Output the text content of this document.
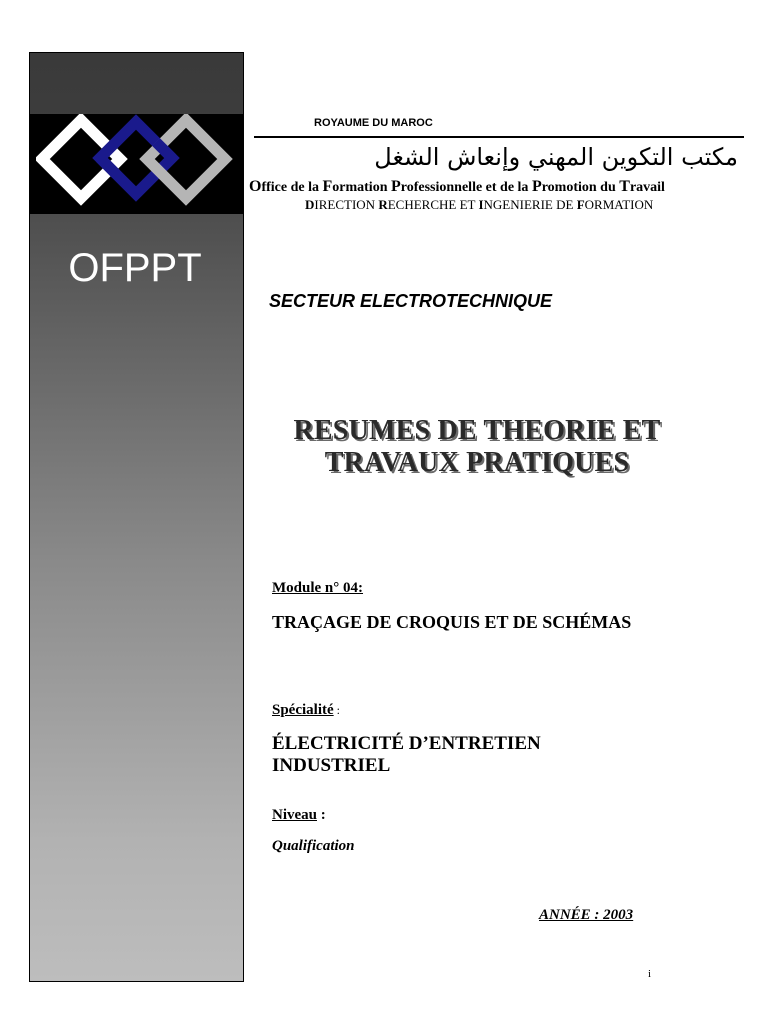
OFPPT
ROYAUME DU MAROC
مكتب التكوين المهني وإنعاش الشغل
Office de la Formation Professionnelle et de la Promotion du Travail
DIRECTION RECHERCHE ET INGENIERIE DE FORMATION
SECTEUR ELECTROTECHNIQUE
RESUMES DE THEORIE ET
TRAVAUX PRATIQUES
Module n° 04:
TRAÇAGE DE CROQUIS ET DE SCHÉMAS
Spécialité :
ÉLECTRICITÉ D’ENTRETIEN INDUSTRIEL
Niveau :
Qualification
ANNÉE : 2003
i
